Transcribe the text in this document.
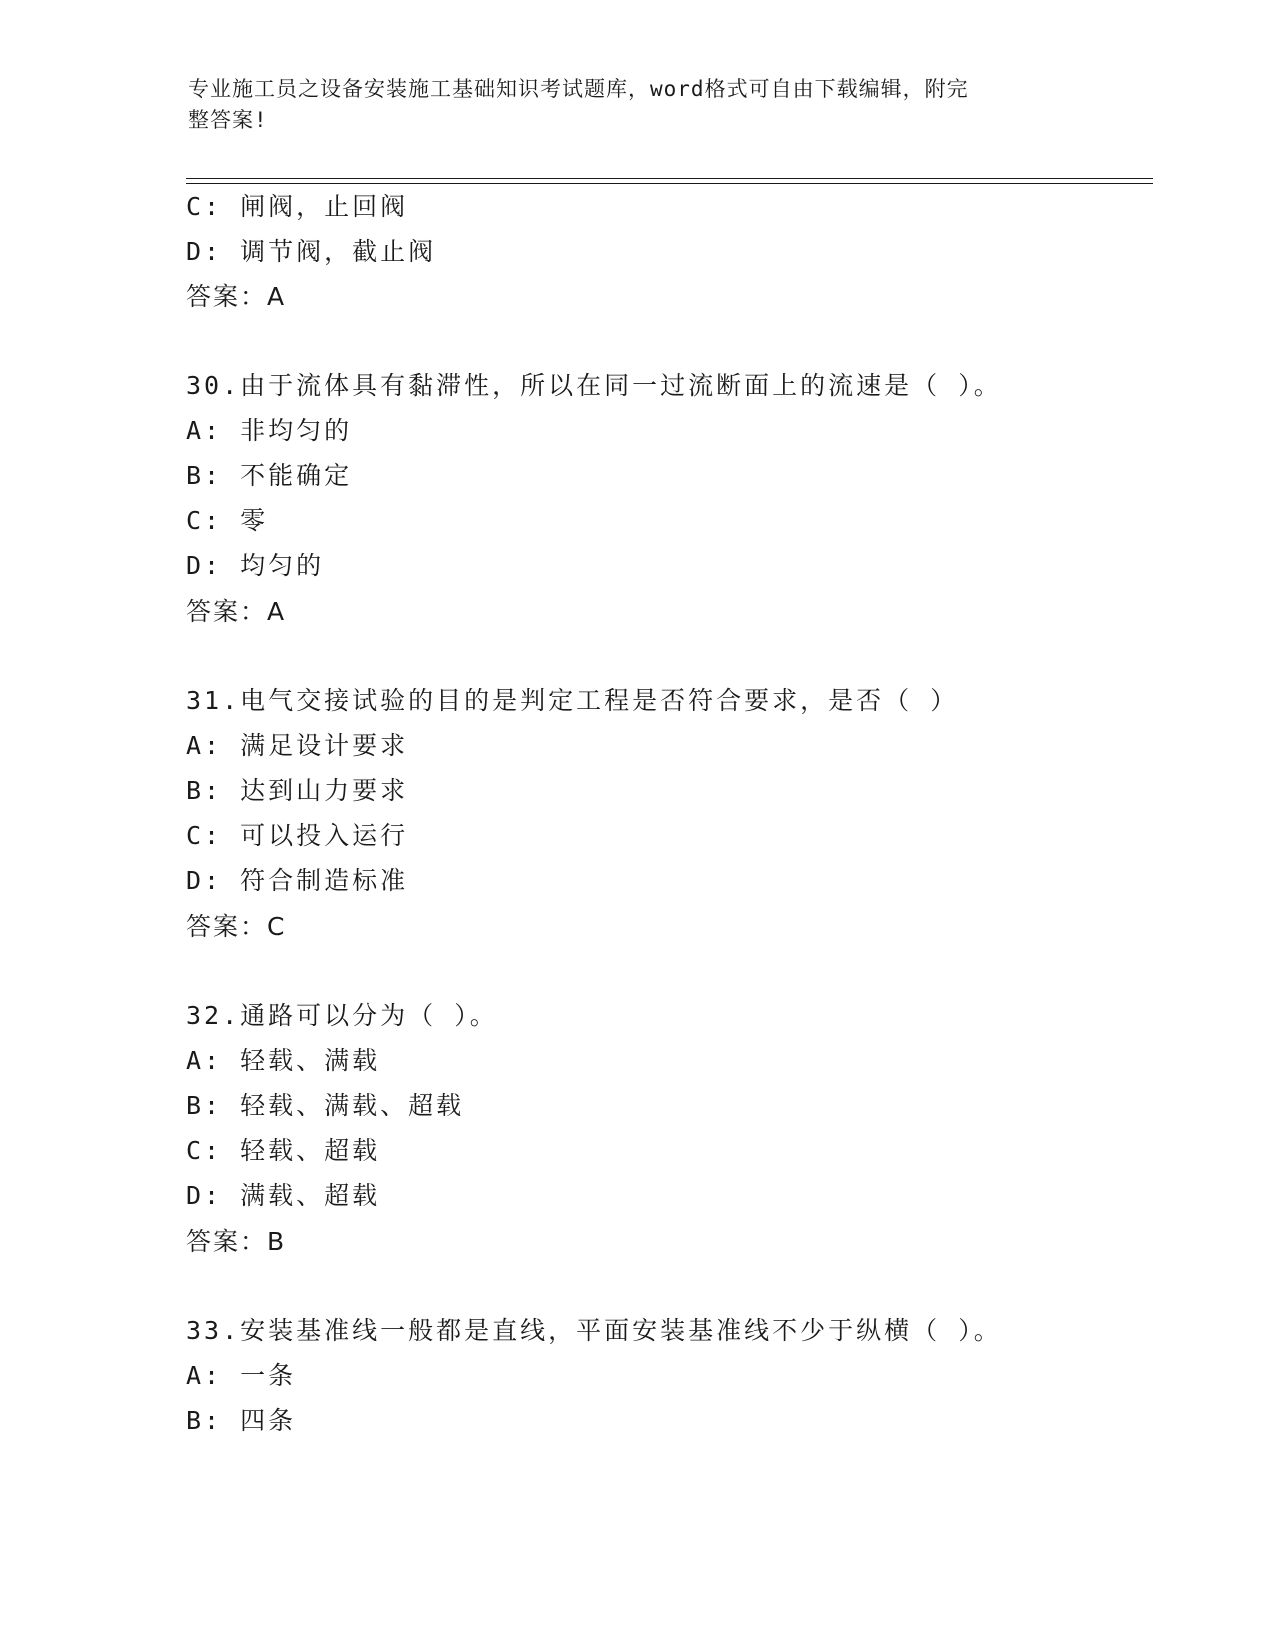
专业施工员之设备安装施工基础知识考试题库，word格式可自由下载编辑，附完
整答案!
C: 闸阀，止回阀
D: 调节阀，截止阀
答案：A
30.由于流体具有黏滞性，所以在同一过流断面上的流速是（ ）。
A: 非均匀的
B: 不能确定
C: 零
D: 均匀的
答案：A
31.电气交接试验的目的是判定工程是否符合要求，是否（ ）
A: 满足设计要求
B: 达到山力要求
C: 可以投入运行
D: 符合制造标准
答案：C
32.通路可以分为（ ）。
A: 轻载、满载
B: 轻载、满载、超载
C: 轻载、超载
D: 满载、超载
答案：B
33.安装基准线一般都是直线，平面安装基准线不少于纵横（ ）。
A: 一条
B: 四条
